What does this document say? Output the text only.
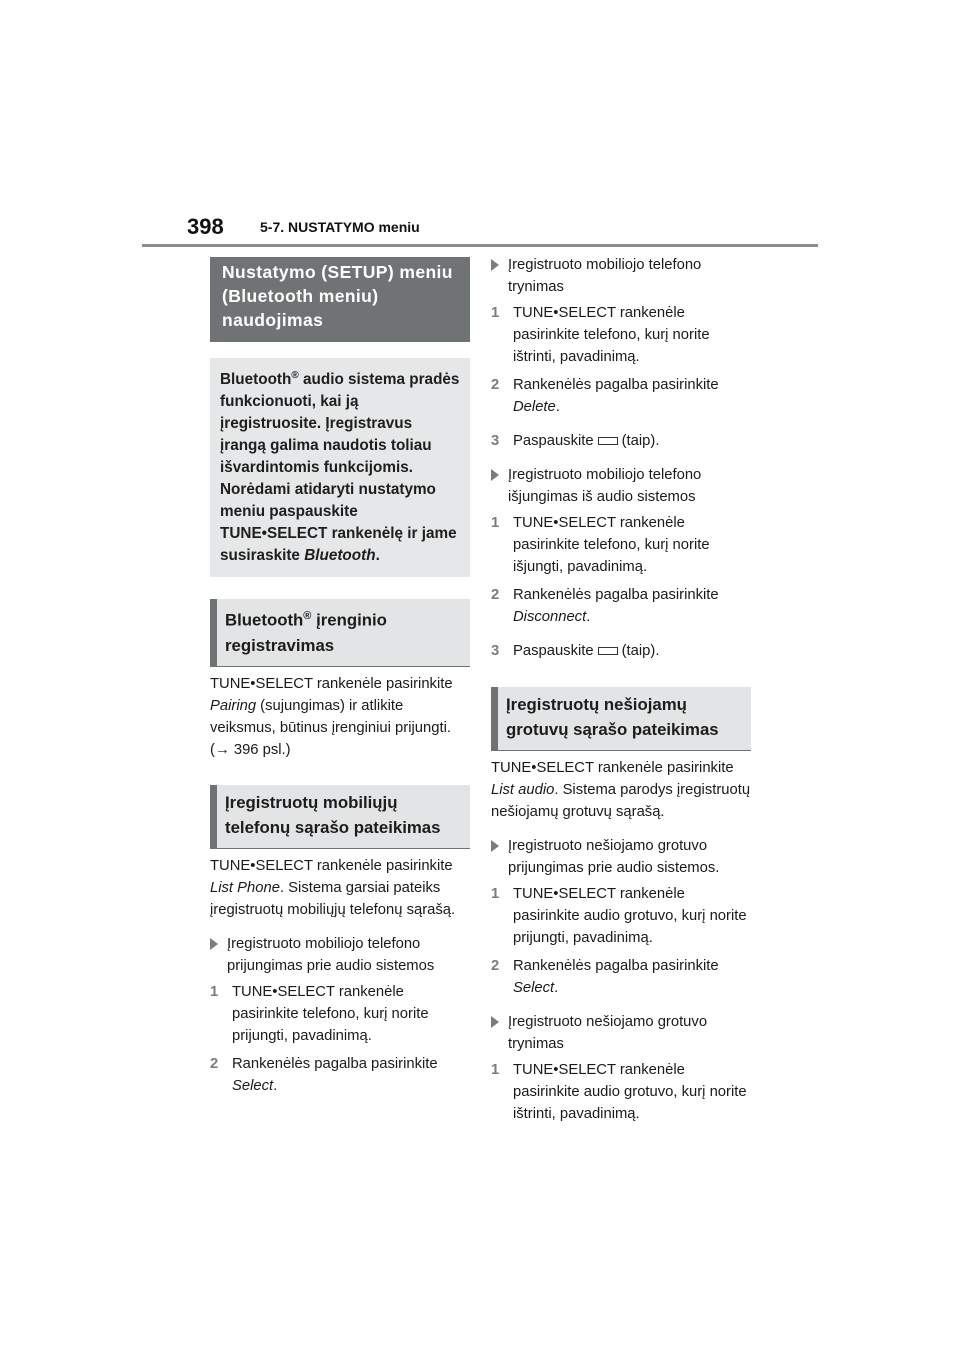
398	5-7. NUSTATYMO meniu
Nustatymo (SETUP) meniu (Bluetooth meniu) naudojimas
Bluetooth® audio sistema pradės funkcionuoti, kai ją įregistruosite. Įregistravus įrangą galima naudotis toliau išvardintomis funkcijomis. Norėdami atidaryti nustatymo meniu paspauskite TUNE•SELECT rankenėlę ir jame susiraskite Bluetooth.
Bluetooth® įrenginio registravimas

TUNE•SELECT rankenėle pasirinkite Pairing (sujungimas) ir atlikite veiksmus, būtinus įrenginiui prijungti. (→ 396 psl.)

Įregistruotų mobiliųjų telefonų sąrašo pateikimas

TUNE•SELECT rankenėle pasirinkite List Phone. Sistema garsiai pateiks įregistruotų mobiliųjų telefonų sąrašą.

Įregistruoto mobiliojo telefono prijungimas prie audio sistemos
1 TUNE•SELECT rankenėle pasirinkite telefono, kurį norite prijungti, pavadinimą.
2 Rankenėlės pagalba pasirinkite
Select.
Įregistruoto mobiliojo telefono trynimas
1 TUNE•SELECT rankenėle pasirinkite telefono, kurį norite ištrinti, pavadinimą.
2 Rankenėlės pagalba pasirinkite
Delete.
3 Paspauskite (taip).
Įregistruoto mobiliojo telefono išjungimas iš audio sistemos
1 TUNE•SELECT rankenėle pasirinkite telefono, kurį norite išjungti, pavadinimą.
2 Rankenėlės pagalba pasirinkite
Disconnect.
3 Paspauskite (taip).
Įregistruotų nešiojamų grotuvų sąrašo pateikimas

TUNE•SELECT rankenėle pasirinkite List audio. Sistema parodys įregistruotų nešiojamų grotuvų sąrašą.

Įregistruoto nešiojamo grotuvo prijungimas prie audio sistemos.
1 TUNE•SELECT rankenėle pasirinkite audio grotuvo, kurį norite prijungti, pavadinimą.
2 Rankenėlės pagalba pasirinkite
Select.
Įregistruoto nešiojamo grotuvo trynimas
1 TUNE•SELECT rankenėle pasirinkite audio grotuvo, kurį norite ištrinti, pavadinimą.
